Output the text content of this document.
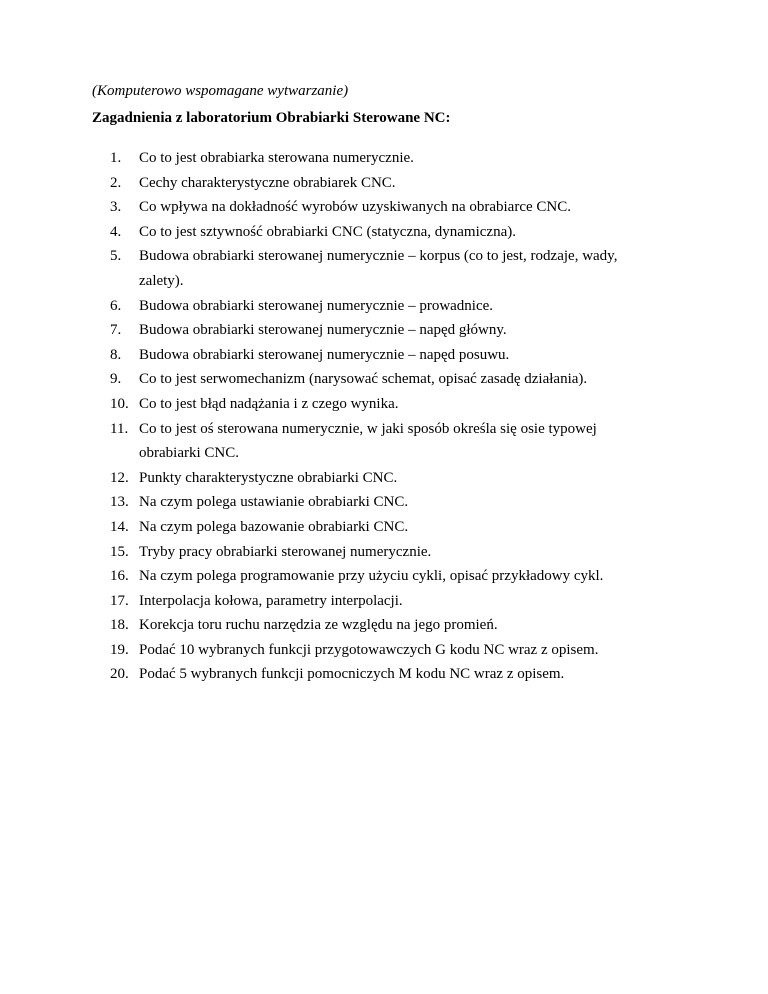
(Komputerowo wspomagane wytwarzanie)
Zagadnienia z laboratorium Obrabiarki Sterowane NC:
1. Co to jest obrabiarka sterowana numerycznie.
2. Cechy charakterystyczne obrabiarek CNC.
3. Co wpływa na dokładność wyrobów uzyskiwanych na obrabiarce CNC.
4. Co to jest sztywność obrabiarki CNC (statyczna, dynamiczna).
5. Budowa obrabiarki sterowanej numerycznie – korpus (co to jest, rodzaje, wady, zalety).
6. Budowa obrabiarki sterowanej numerycznie – prowadnice.
7. Budowa obrabiarki sterowanej numerycznie – napęd główny.
8. Budowa obrabiarki sterowanej numerycznie – napęd posuwu.
9. Co to jest serwomechanizm (narysować schemat, opisać zasadę działania).
10. Co to jest błąd nadążania i z czego wynika.
11. Co to jest oś sterowana numerycznie, w jaki sposób określa się osie typowej obrabiarki CNC.
12. Punkty charakterystyczne obrabiarki CNC.
13. Na czym polega ustawianie obrabiarki CNC.
14. Na czym polega bazowanie obrabiarki CNC.
15. Tryby pracy obrabiarki sterowanej numerycznie.
16. Na czym polega programowanie przy użyciu cykli, opisać przykładowy cykl.
17. Interpolacja kołowa, parametry interpolacji.
18. Korekcja toru ruchu narzędzia ze względu na jego promień.
19. Podać 10 wybranych funkcji przygotowawczych G kodu NC wraz z opisem.
20. Podać 5 wybranych funkcji pomocniczych M kodu NC wraz z opisem.
